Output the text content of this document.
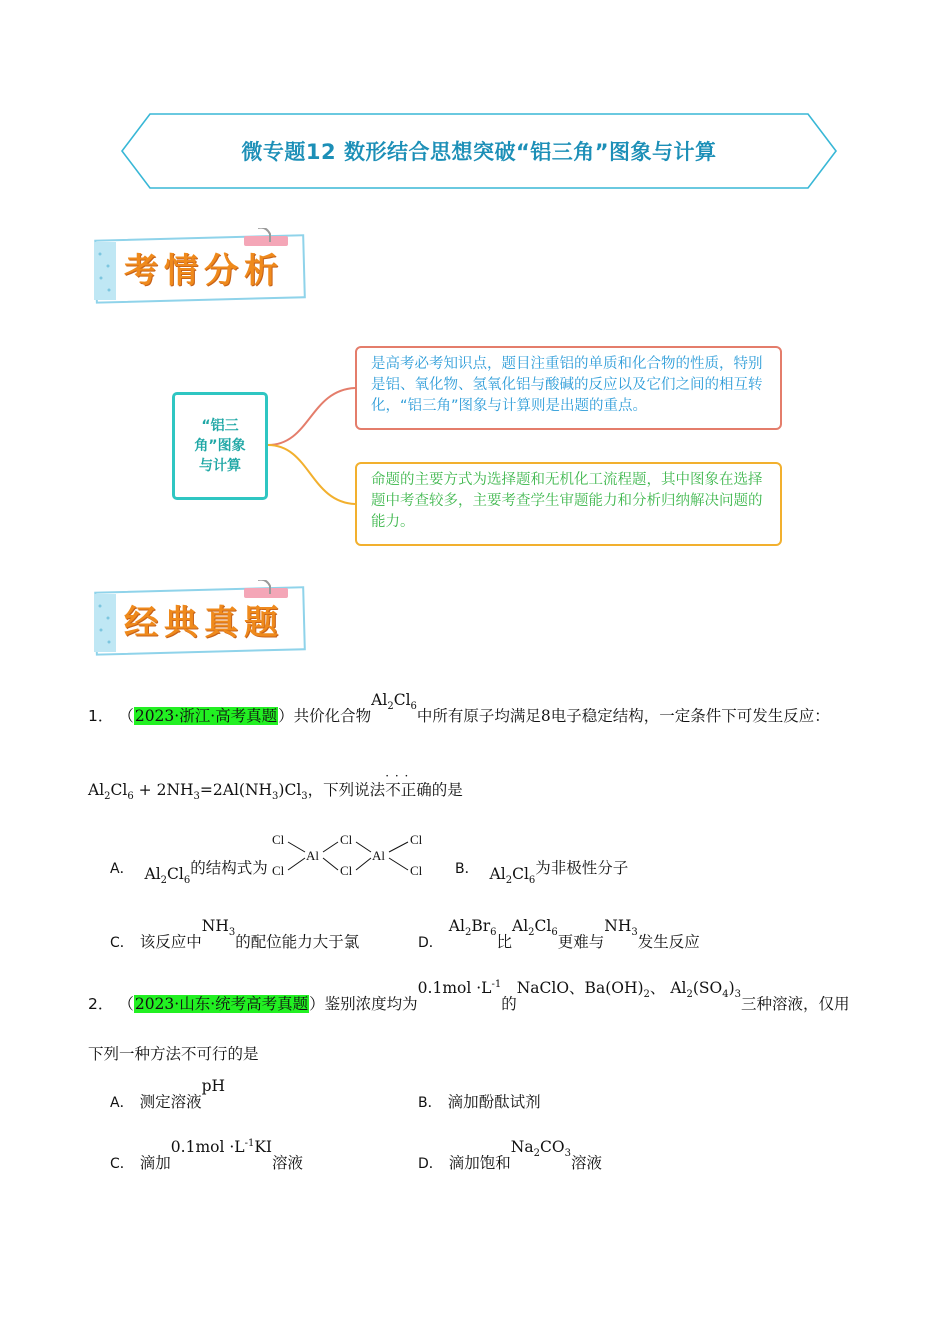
微专题12 数形结合思想突破“铝三角”图象与计算
考情分析
“铝三角”图象与计算
是高考必考知识点，题目注重铝的单质和化合物的性质，特别是铝、氧化物、氢氧化铝与酸碱的反应以及它们之间的相互转化，“铝三角”图象与计算则是出题的重点。
命题的主要方式为选择题和无机化工流程题，其中图象在选择题中考查较多，主要考查学生审题能力和分析归纳解决问题的能力。
经典真题
1． （2023·浙江·高考真题）共价化合物$Al_2Cl_6$中所有原子均满足8电子稳定结构，一定条件下可发生反应：
$Al_2Cl_6 + 2NH_3=2Al(NH_3)Cl_3$，下列说法不正确 · · ·的是
A． $Al_2Cl_6$的结构式为
Cl
Cl
Al
Cl
Cl
Al
Cl
Cl B． $Al_2Cl_6$为非极性分子
C． 该反应中$NH_3$的配位能力大于氯	D．$Al_2Br_6$比$Al_2Cl_6$更难与$NH_3$发生反应
2． （2023·山东·统考高考真题）鉴别浓度均为$0.1mol \cdot L^{-1}$的NaClO、$Ba(OH)_2$、 $Al_2(SO_4)_3$三种溶液，仅用
下列一种方法不可行的是
A． 测定溶液pH
B． 滴加酚酞试剂
C． 滴加$0.1mol \cdot L^{-1}KI$溶液	D． 滴加饱和$Na_2CO_3$溶液
